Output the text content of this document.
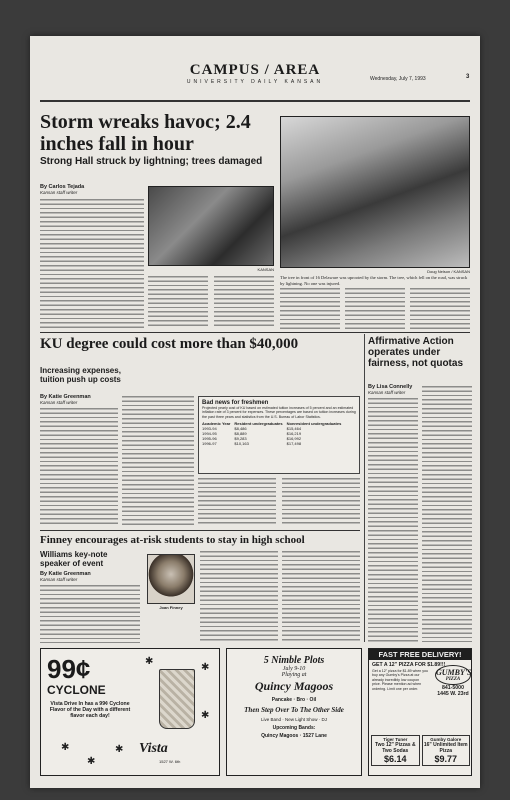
CAMPUS / AREA
UNIVERSITY DAILY KANSAN	Wednesday, July 7, 1993	3
Storm wreaks havoc; 2.4 inches fall in hour
Strong Hall struck by lightning; trees damaged
By Carlos Tejada
Kansan staff writer
KANSAN	Doug Nelson / KANSAN
The tree in front of 16 Delaware was uprooted by the storm. The tree, which fell on the road, was struck by lightning. No one was injured.
KU degree could cost more than $40,000
Increasing expenses, tuition push up costs
By Katie Greenman
Kansan staff writer	Bad news for freshmen
Projected yearly cost of KU based on estimated tuition increases of 5 percent and an estimated inflation rate of 3 percent for expenses. These percentages are based on tuition increases during the past three years and statistics from the U.S. Bureau of Labor Statistics.
Academic Year	Resident undergraduates	Nonresident undergraduates
1993-94	$8,486	$15,464
1994-95	$8,889	$16,219
1995-96	$9,283	$16,992
1996-97	$10,163	$17,498
Affirmative Action operates under fairness, not quotas
By Lisa Connelly
Kansan staff writer
Finney encourages at-risk students to stay in high school
Williams key-note speaker of event
By Katie Greenman
Kansan staff writer
Joan Finney
99¢
CYCLONE
Vista Drive In has a 99¢ Cyclone Flavor of the Day with a different flavor each day!
✱
✱
✱
✱
✱
✱ Vista
1527 W. 6th
5 Nimble Plots
July 9-10
Playing at
Quincy Magoos
Pancake · Bro · Oil
Then Step Over To The Other Side
Live Band · New Light Show · DJ
Upcoming Bands:
Quincy Magoos · 1527 Lane
FAST FREE DELIVERY!
GET A 12" PIZZA FOR $1.89!!!
Get a 12" pizza for $1.89 when you buy any Gumby's Pizza at our already incredibly low coupon price. Please mention ad when ordering. Limit one per order.
GUMBY'S
PIZZA
841-5000
1445 W. 23rd
Tiger Tuner
Two 12" Pizzas & Two Sodas
$6.14
Gumby Galore
16" Unlimited Item Pizza
$9.77
